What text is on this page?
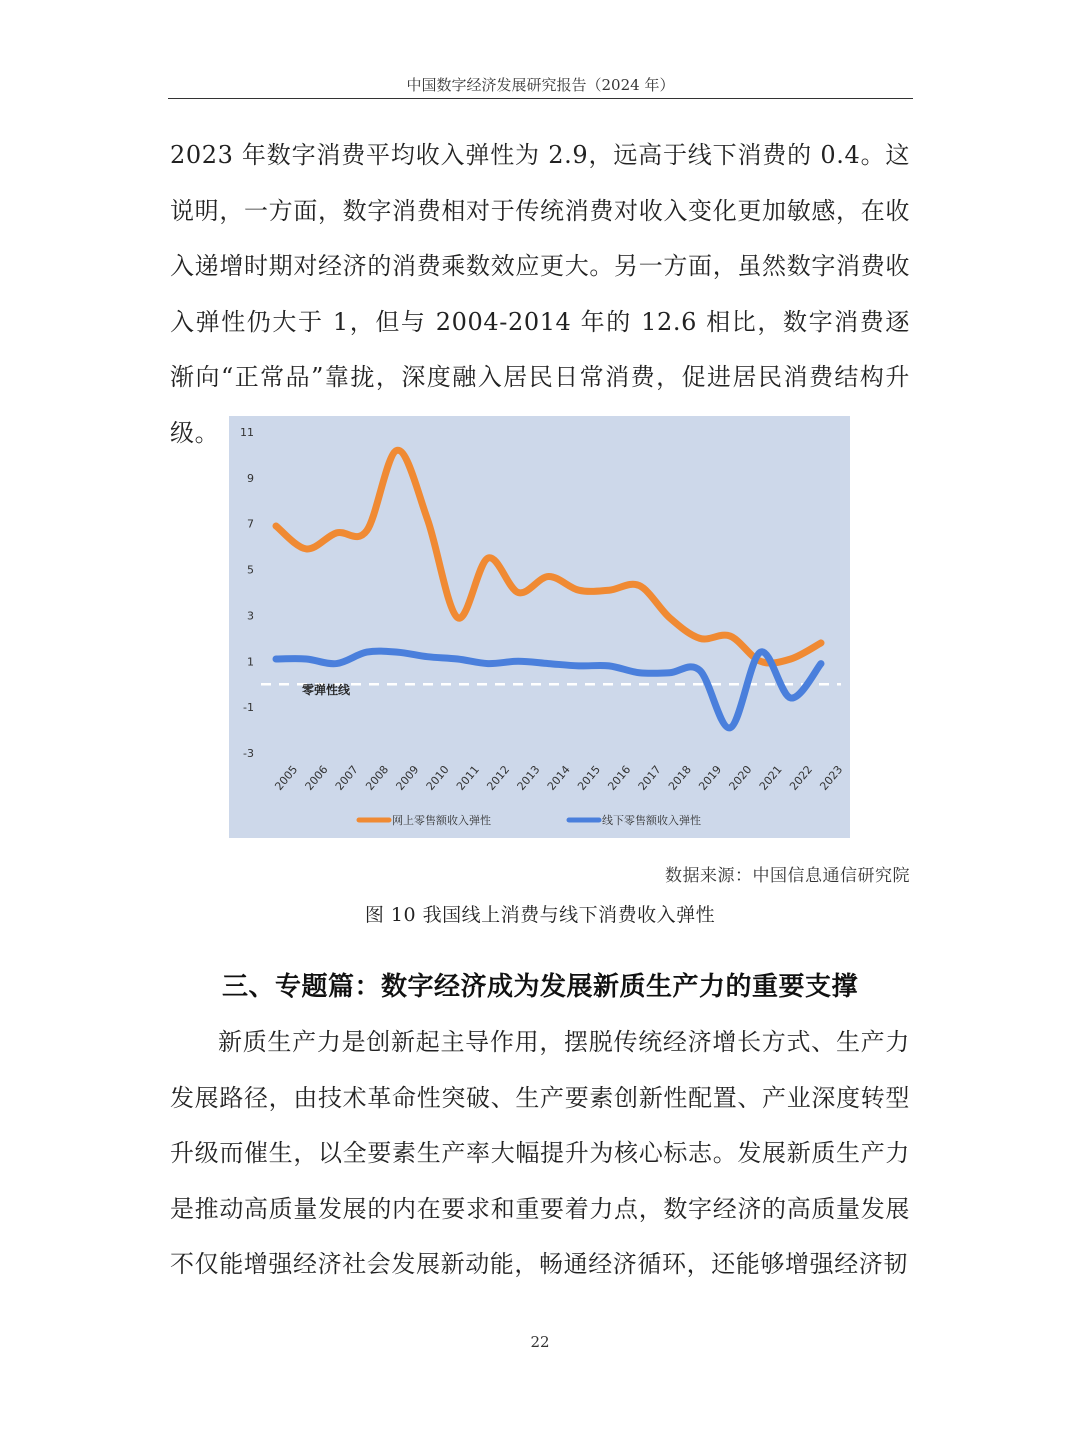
中国数字经济发展研究报告（2024 年）

2023 年数字消费平均收入弹性为 2.9，远高于线下消费的 0.4。这说明，一方面，数字消费相对于传统消费对收入变化更加敏感，在收入递增时期对经济的消费乘数效应更大。另一方面，虽然数字消费收入弹性仍大于 1，但与 2004-2014 年的 12.6 相比，数字消费逐渐向“正常品”靠拢，深度融入居民日常消费，促进居民消费结构升级。	11
9
7
5
3
1
-1
-3
零弹性线
2005 2006 2007 2008 2009 2010 2011 2012 2013 2014 2015 2016 2017 2018 2019 2020 2021 2022 2023
网上零售额收入弹性	线下零售额收入弹性
数据来源：中国信息通信研究院
图 10 我国线上消费与线下消费收入弹性
三、专题篇：数字经济成为发展新质生产力的重要支撑

新质生产力是创新起主导作用，摆脱传统经济增长方式、生产力发展路径，由技术革命性突破、生产要素创新性配置、产业深度转型升级而催生，以全要素生产率大幅提升为核心标志。发展新质生产力是推动高质量发展的内在要求和重要着力点，数字经济的高质量发展不仅能增强经济社会发展新动能，畅通经济循环，还能够增强经济韧

22
